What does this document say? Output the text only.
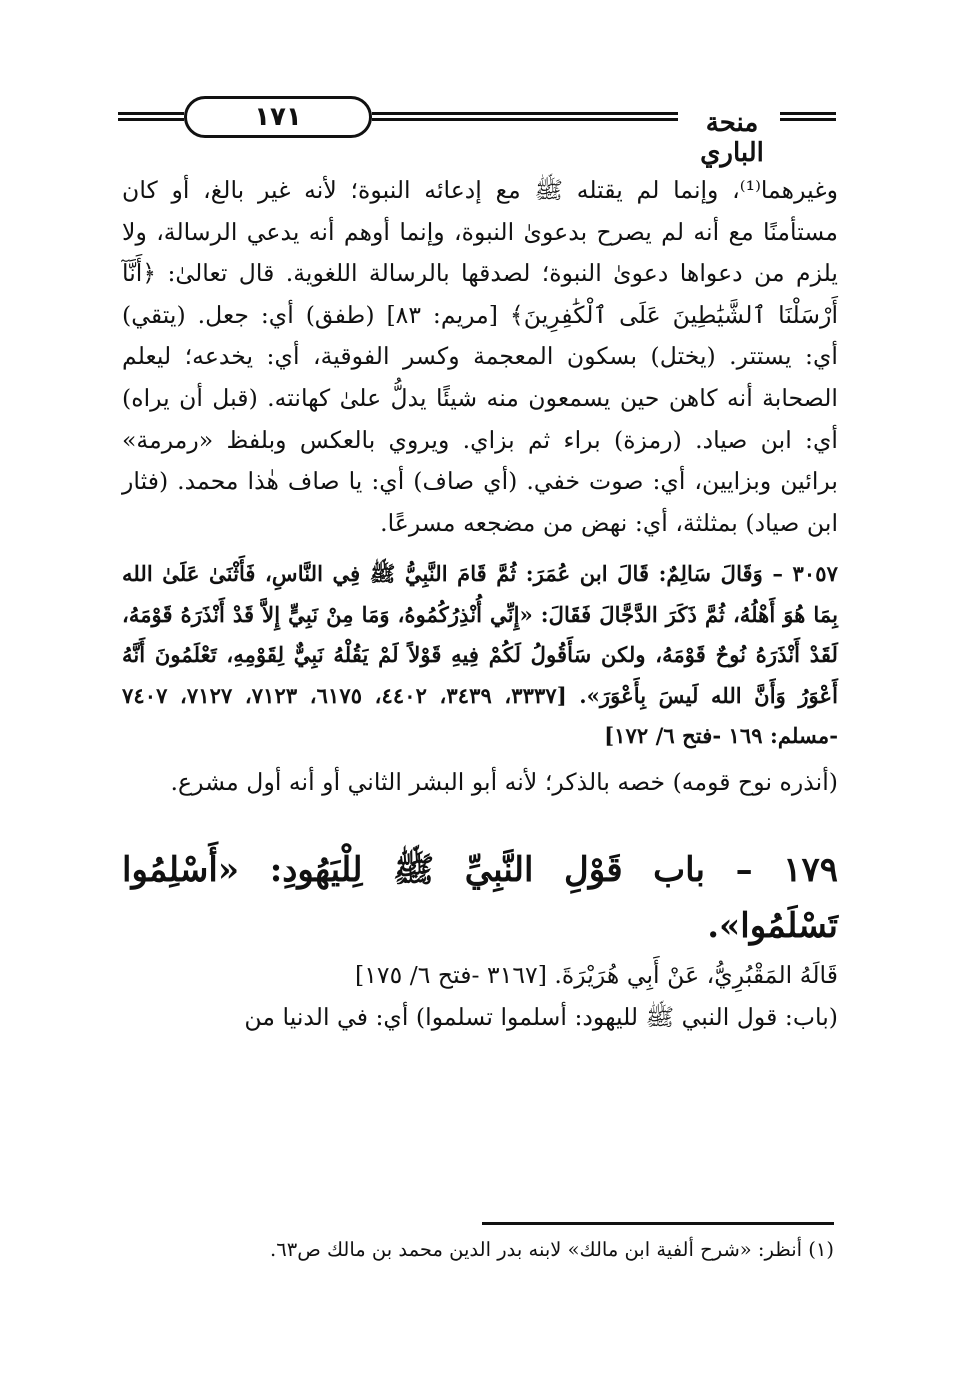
١٧١	منحة الباري

وغيرهما⁽¹⁾، وإنما لم يقتله ﷺ مع إدعائه النبوة؛ لأنه غير بالغ، أو كان مستأمنًا مع أنه لم يصرح بدعوىٰ النبوة، وإنما أوهم أنه يدعي الرسالة، ولا يلزم من دعواها دعوىٰ النبوة؛ لصدقها بالرسالة اللغوية. قال تعالىٰ: ﴿أَنَّآ أَرْسَلْنَا ٱلشَّيَٰطِينَ عَلَى ٱلْكَٰفِرِينَ﴾ [مريم: ٨٣] (طفق) أي: جعل. (يتقي) أي: يستتر. (يختل) بسكون المعجمة وكسر الفوقية، أي: يخدعه؛ ليعلم الصحابة أنه كاهن حين يسمعون منه شيئًا يدلُّ علىٰ كهانته. (قبل أن يراه) أي: ابن صياد. (رمزة) براء ثم بزاي. ويروي بالعكس وبلفظ «رمرمة» برائين وبزايين، أي: صوت خفي. (أي صاف) أي: يا صاف هٰذا محمد. (فثار ابن صياد) بمثلثة، أي: نهض من مضجعه مسرعًا.

٣٠٥٧ – وَقَالَ سَالِمٌ: قَالَ ابن عُمَرَ: ثُمَّ قَامَ النَّبِيُّ ﷺ فِي النَّاسِ، فَأَثْنَىٰ عَلَىٰ الله بِمَا هُوَ أَهْلُهُ، ثُمَّ ذَكَرَ الدَّجَّالَ فَقَالَ: «إِنِّي أُنْذِرُكُمُوهُ، وَمَا مِنْ نَبِيٍّ إِلاَّ قَدْ أَنْذَرَهُ قَوْمَهُ، لَقَدْ أَنْذَرَهُ نُوحٌ قَوْمَهُ، ولكن سَأَقُولُ لَكُمْ فِيهِ قَوْلاً لَمْ يَقُلْهُ نَبِيٌّ لِقَوْمِهِ، تَعْلَمُونَ أَنَّهُ أَعْوَرُ وَأَنَّ الله لَيسَ بِأَعْوَرَ». [٣٣٣٧، ٣٤٣٩، ٤٤٠٢، ٦١٧٥، ٧١٢٣، ٧١٢٧، ٧٤٠٧ -مسلم: ١٦٩ -فتح ٦/ ١٧٢]

(أنذره نوح قومه) خصه بالذكر؛ لأنه أبو البشر الثاني أو أنه أول مشرع.

١٧٩ – باب قَوْلِ النَّبِيِّ ﷺ لِلْيَهُودِ: «أَسْلِمُوا تَسْلَمُوا».

قَالَهُ المَقْبُرِيُّ، عَنْ أَبِي هُرَيْرَةَ. [٣١٦٧ -فتح ٦/ ١٧٥]

(باب: قول النبي ﷺ لليهود: أسلموا تسلموا) أي: في الدنيا من

(١) أنظر: «شرح ألفية ابن مالك» لابنه بدر الدين محمد بن مالك ص٦٣.
